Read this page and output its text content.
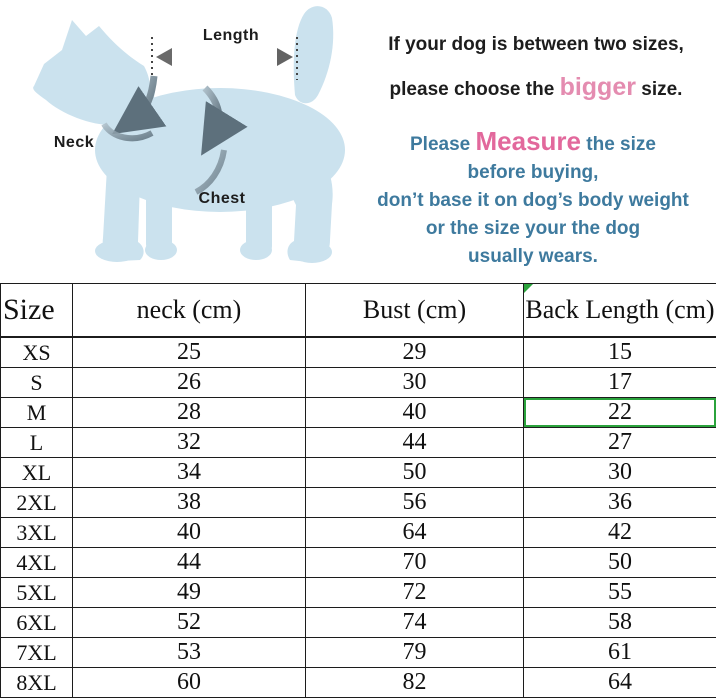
Length
Neck
Chest
If your dog is between two sizes,
please choose the bigger size.
Please Measure the size
before buying,
don’t base it on dog’s body weight
or the size your the dog
usually wears.
Size	neck (cm)	Bust (cm)	Back Length (cm)
XS	25	29	15
S	26	30	17
M	28	40	22
L	32	44	27
XL	34	50	30
2XL	38	56	36
3XL	40	64	42
4XL	44	70	50
5XL	49	72	55
6XL	52	74	58
7XL	53	79	61
8XL	60	82	64
